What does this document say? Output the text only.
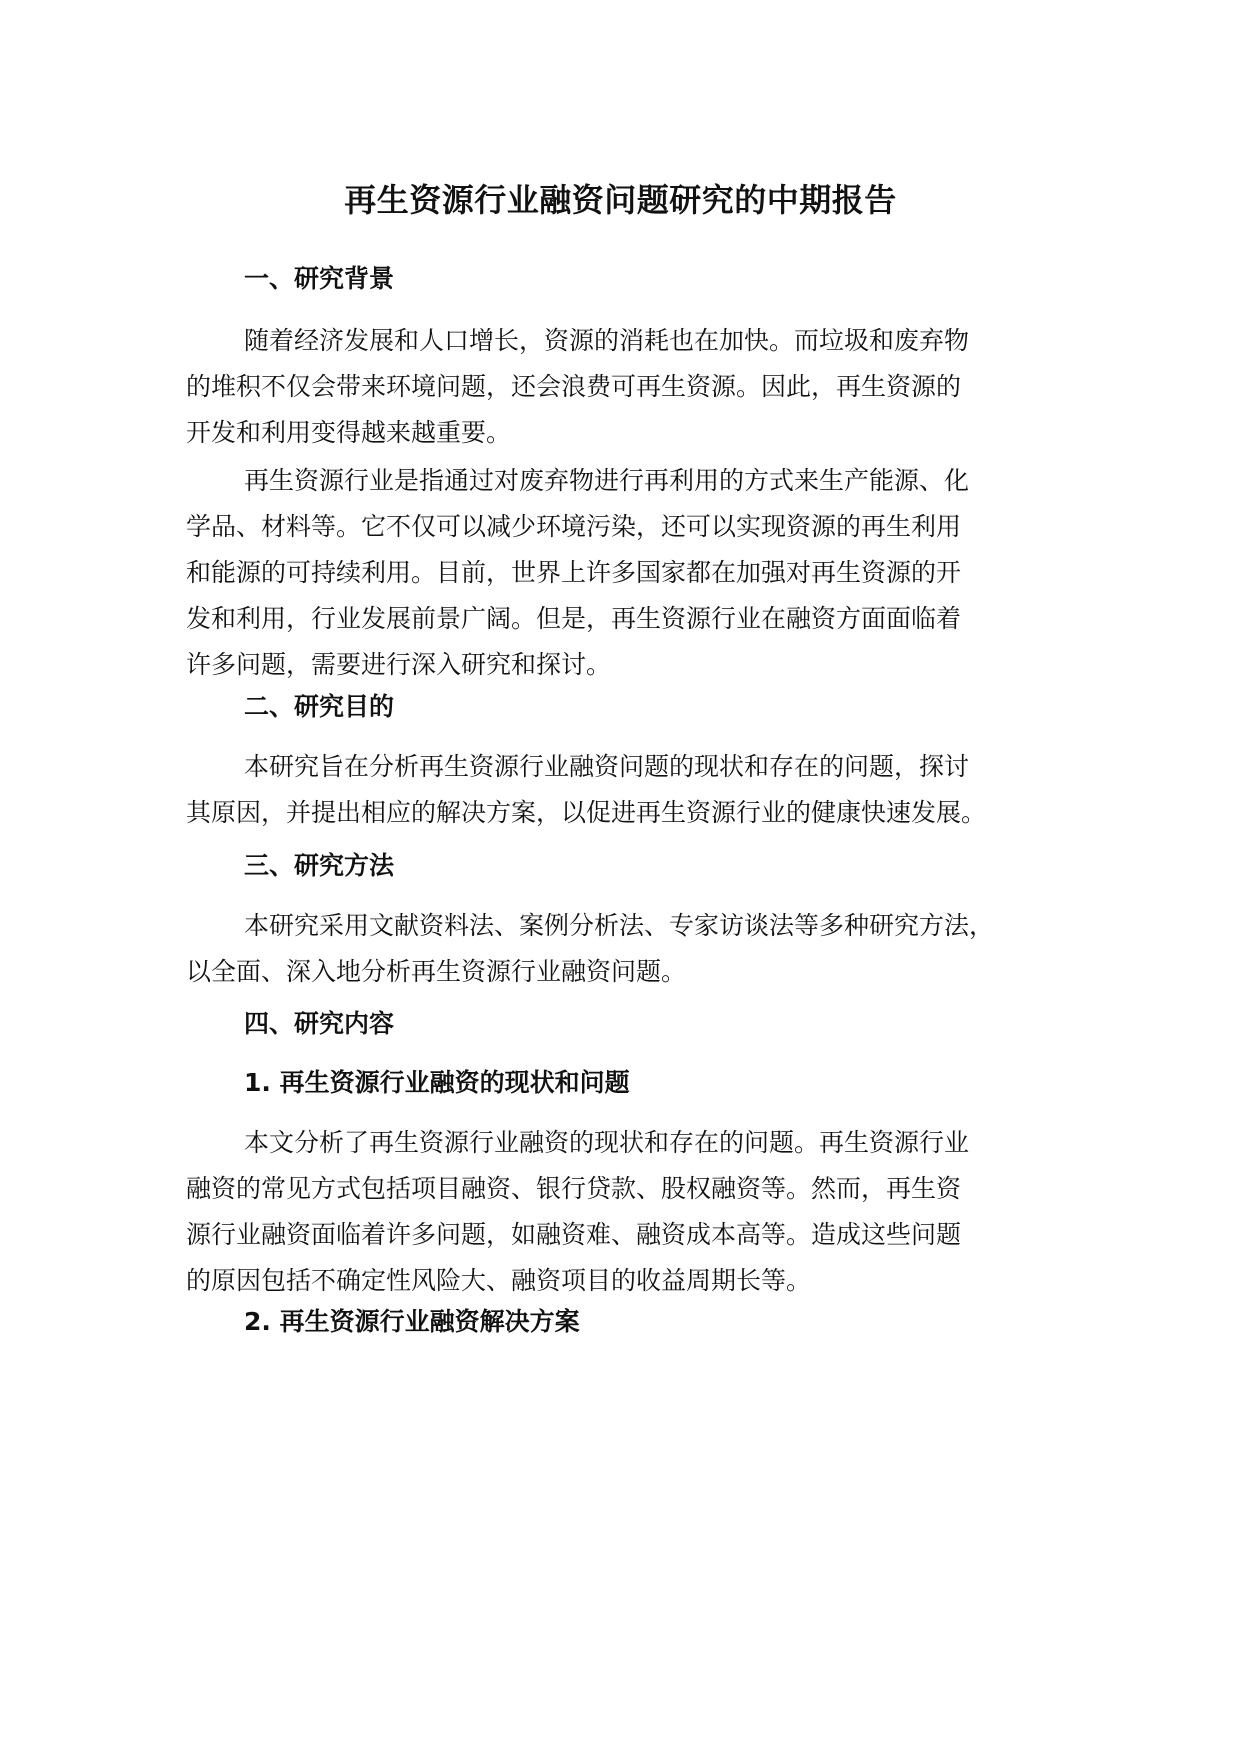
再生资源行业融资问题研究的中期报告
一、研究背景

随着经济发展和人口增长，资源的消耗也在加快。而垃圾和废弃物
的堆积不仅会带来环境问题，还会浪费可再生资源。因此，再生资源的
开发和利用变得越来越重要。

再生资源行业是指通过对废弃物进行再利用的方式来生产能源、化
学品、材料等。它不仅可以减少环境污染，还可以实现资源的再生利用
和能源的可持续利用。目前，世界上许多国家都在加强对再生资源的开
发和利用，行业发展前景广阔。但是，再生资源行业在融资方面面临着
许多问题，需要进行深入研究和探讨。

二、研究目的

本研究旨在分析再生资源行业融资问题的现状和存在的问题，探讨
其原因，并提出相应的解决方案，以促进再生资源行业的健康快速发展。

三、研究方法

本研究采用文献资料法、案例分析法、专家访谈法等多种研究方法，
以全面、深入地分析再生资源行业融资问题。

四、研究内容
1. 再生资源行业融资的现状和问题

本文分析了再生资源行业融资的现状和存在的问题。再生资源行业
融资的常见方式包括项目融资、银行贷款、股权融资等。然而，再生资
源行业融资面临着许多问题，如融资难、融资成本高等。造成这些问题
的原因包括不确定性风险大、融资项目的收益周期长等。

2. 再生资源行业融资解决方案
